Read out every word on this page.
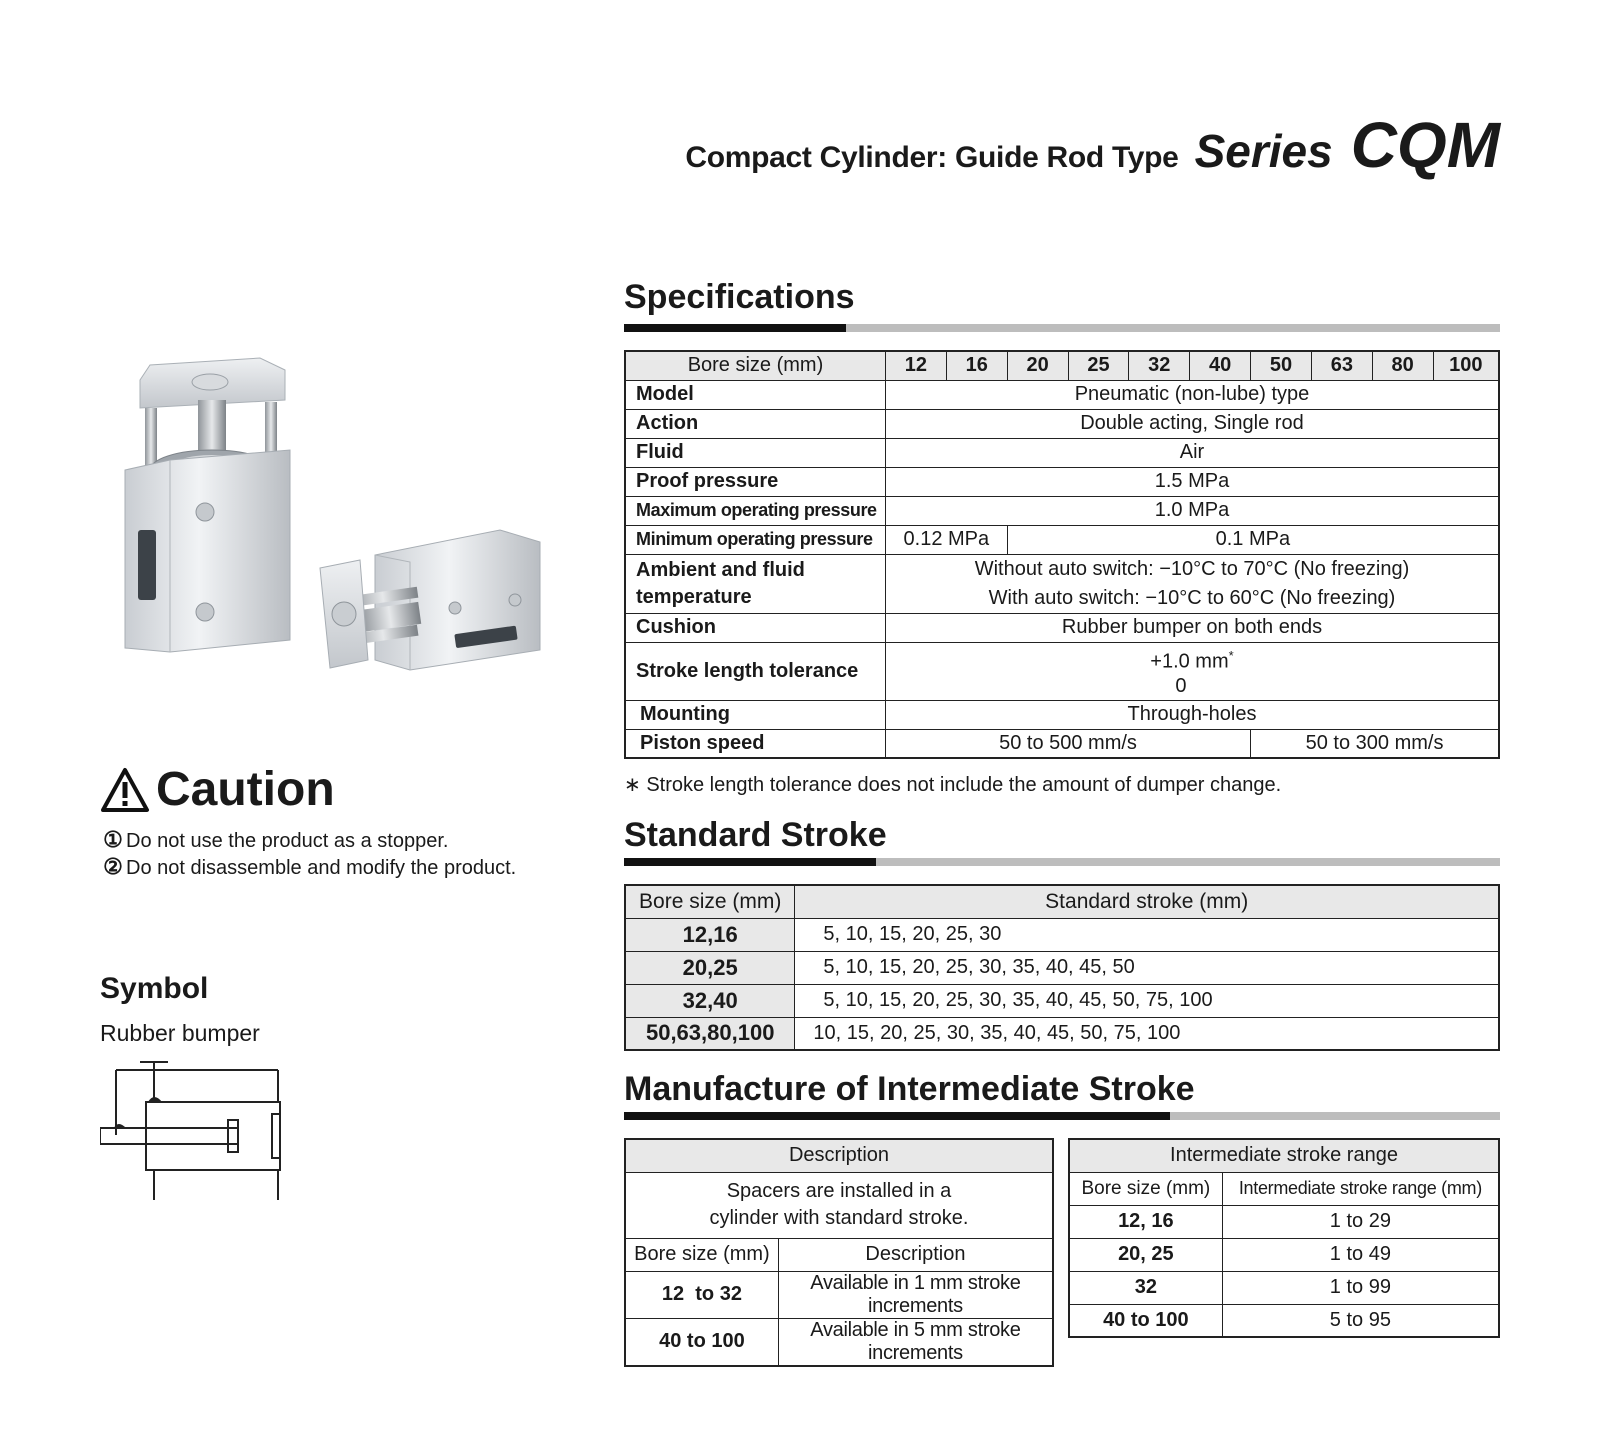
Compact Cylinder: Guide Rod Type Series CQM
Caution
① Do not use the product as a stopper.
② Do not disassemble and modify the product.
Symbol
Rubber bumper
Specifications
Bore size (mm)	12	16	20	25	32	40	50	63	80	100
Model	Pneumatic (non-lube) type									
Action	Double acting, Single rod									
Fluid	Air									
Proof pressure	1.5 MPa									
Maximum operating pressure	1.0 MPa									
Minimum operating pressure	0.12 MPa		0.1 MPa							
Ambient and fluid
temperature	Without auto switch: −10°C to 70°C (No freezing)
With auto switch: −10°C to 60°C (No freezing)									
Cushion	Rubber bumper on both ends									
Stroke length tolerance	+1.0 mm*
0									
Mounting	Through-holes									
Piston speed	50 to 500 mm/s						50 to 300 mm/s			
∗ Stroke length tolerance does not include the amount of dumper change.
Standard Stroke
Bore size (mm)	Standard stroke (mm)
12,16	5, 10, 15, 20, 25, 30
20,25	5, 10, 15, 20, 25, 30, 35, 40, 45, 50
32,40	5, 10, 15, 20, 25, 30, 35, 40, 45, 50, 75, 100
50,63,80,100	10, 15, 20, 25, 30, 35, 40, 45, 50, 75, 100
Manufacture of Intermediate Stroke
Description	
Spacers are installed in a
cylinder with standard stroke.	
Bore size (mm)	Description
12  to 32	Available in 1 mm stroke increments
40 to 100	Available in 5 mm stroke increments
Intermediate stroke range	
Bore size (mm)	Intermediate stroke range (mm)
12, 16	1 to 29
20, 25	1 to 49
32	1 to 99
40 to 100	5 to 95
